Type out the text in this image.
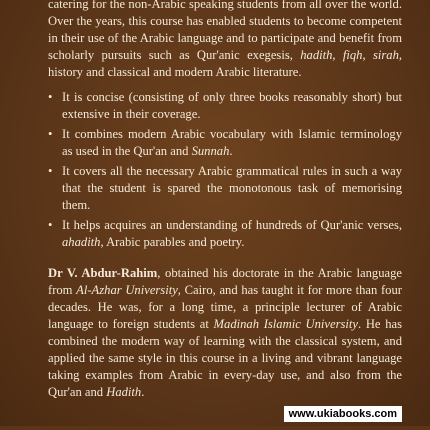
catering for the non-Arabic speaking students from all over the world. Over the years, this course has enabled students to become competent in their use of the Arabic language and to participate and benefit from scholarly pursuits such as Qur'anic exegesis, hadith, fiqh, sirah, history and classical and modern Arabic literature.

• It is concise (consisting of only three books reasonably short) but extensive in their coverage.
• It combines modern Arabic vocabulary with Islamic terminology as used in the Qur'an and Sunnah.
• It covers all the necessary Arabic grammatical rules in such a way that the student is spared the monotonous task of memorising them.
• It helps acquires an understanding of hundreds of Qur'anic verses, ahadith, Arabic parables and poetry.

Dr V. Abdur-Rahim, obtained his doctorate in the Arabic language from Al-Azhar University, Cairo, and has taught it for more than four decades. He was, for a long time, a principle lecturer of Arabic language to foreign students at Madinah Islamic University. He has combined the modern way of learning with the classical system, and applied the same style in this course in a living and vibrant language taking examples from Arabic in every-day use, and also from the Qur'an and Hadith.

www.ukiabooks.com
